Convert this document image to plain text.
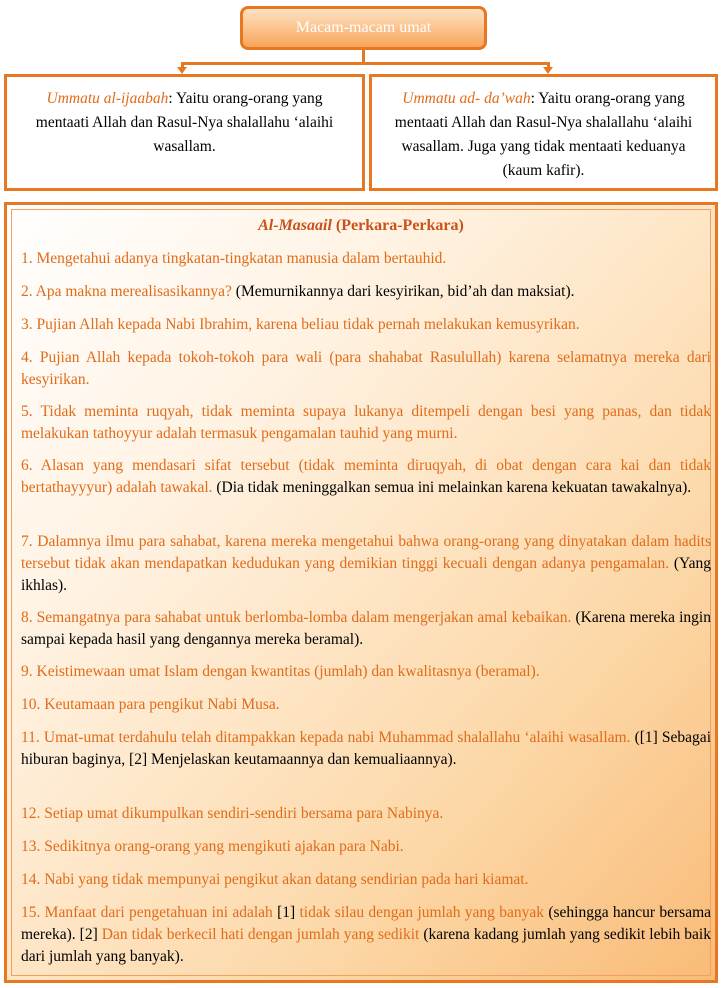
Macam-macam umat
Ummatu al-ijaabah: Yaitu orang-orang yang mentaati Allah dan Rasul-Nya shalallahu ‘alaihi wasallam.
Ummatu ad- da’wah: Yaitu orang-orang yang mentaati Allah dan Rasul-Nya shalallahu ‘alaihi wasallam. Juga yang tidak mentaati keduanya (kaum kafir).
Al-Masaail (Perkara-Perkara)
1. Mengetahui adanya tingkatan-tingkatan manusia dalam bertauhid.
2. Apa makna merealisasikannya? (Memurnikannya dari kesyirikan, bid’ah dan maksiat).
3. Pujian Allah kepada Nabi Ibrahim, karena beliau tidak pernah melakukan kemusyrikan.
4. Pujian Allah kepada tokoh-tokoh para wali (para shahabat Rasulullah) karena selamatnya mereka dari kesyirikan.
5. Tidak meminta ruqyah, tidak meminta supaya lukanya ditempeli dengan besi yang panas, dan tidak melakukan tathoyyur adalah termasuk pengamalan tauhid yang murni.
6. Alasan yang mendasari sifat tersebut (tidak meminta diruqyah, di obat dengan cara kai dan tidak bertathayyyur) adalah tawakal. (Dia tidak meninggalkan semua ini melainkan karena kekuatan tawakalnya).
7. Dalamnya ilmu para sahabat, karena mereka mengetahui bahwa orang-orang yang dinyatakan dalam hadits tersebut tidak akan mendapatkan kedudukan yang demikian tinggi kecuali dengan adanya pengamalan. (Yang ikhlas).
8. Semangatnya para sahabat untuk berlomba-lomba dalam mengerjakan amal kebaikan. (Karena mereka ingin sampai kepada hasil yang dengannya mereka beramal).
9. Keistimewaan umat Islam dengan kwantitas (jumlah) dan kwalitasnya (beramal).
10. Keutamaan para pengikut Nabi Musa.
11. Umat-umat terdahulu telah ditampakkan kepada nabi Muhammad shalallahu ‘alaihi wasallam. ([1] Sebagai hiburan baginya, [2] Menjelaskan keutamaannya dan kemualiaannya).
12. Setiap umat dikumpulkan sendiri-sendiri bersama para Nabinya.
13. Sedikitnya orang-orang yang mengikuti ajakan para Nabi.
14. Nabi yang tidak mempunyai pengikut akan datang sendirian pada hari kiamat.
15. Manfaat dari pengetahuan ini adalah [1] tidak silau dengan jumlah yang banyak (sehingga hancur bersama mereka). [2] Dan tidak berkecil hati dengan jumlah yang sedikit (karena kadang jumlah yang sedikit lebih baik dari jumlah yang banyak).
